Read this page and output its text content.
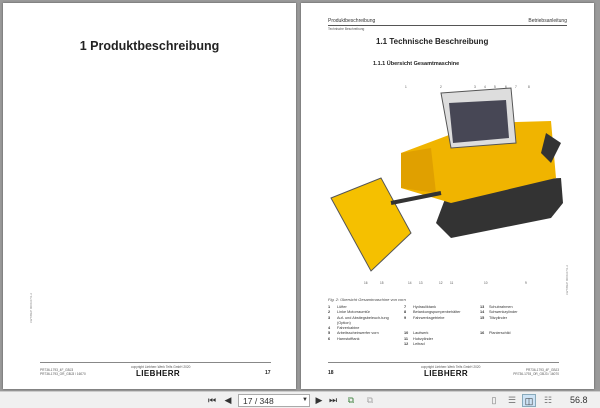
1 Produktbeschreibung
LWT/BEP 0000-07/1-2
PR736-1793_4F_GBJ3
PR736-1793_OR_GBJ3 / 16070
copyright Liebherr-Werk Telfs GmbH 2020
LIEBHERR	17
Produktbeschreibung	Betriebsanleitung
Technische Beschreibung
1.1 Technische Beschreibung
1.1.1 Übersicht Gesamtmaschine
1	2	3	4	5	6	7	8
16	15	14 13	12 11	10	9	LWT/BEP 0000-07/1-2
Fig. 2: Übersicht Gesamtmaschine von vorn
1	Lüfter
2	Linke Motorraumtür
3	Auf- und Abstiegsbeleuch-tung (Option)
4	Fahrerkabine
5	Arbeitsscheinwerfer vorn
6	Harnstofftank
7	Hydrauliktank
8	Betankungspumpenbehälter
9	Fahrwerksgetriebe

10	Laufwerk
11	Hubzylinder
12	Leitrad
13	Schubrahmen
14	Schwenkzylinder
15	Tiltzylinder

16	Planierschild
18
copyright Liebherr-Werk Telfs GmbH 2020
LIEBHERR	PR736-1793_4F_GBJ3
PR736-1793_OR_GBJ3 / 16070
⏮ ◀	17 / 348	▼ ▶ ⏭	⧉	⧉	▯	☰ ◫	☷	56.8
